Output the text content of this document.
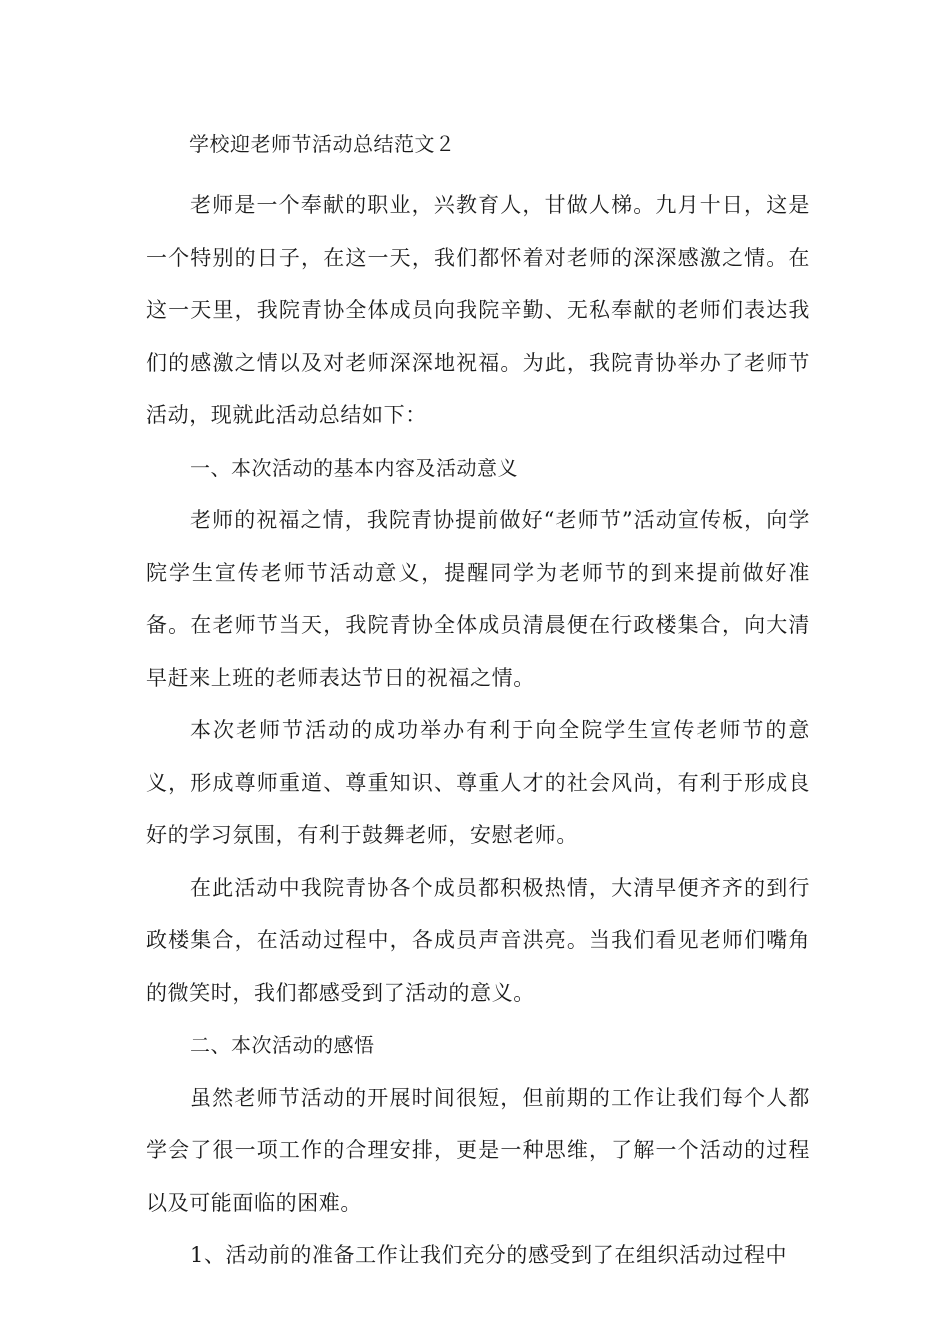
学校迎老师节活动总结范文２

老师是一个奉献的职业，兴教育人，甘做人梯。九月十日，这是一个特别的日子，在这一天，我们都怀着对老师的深深感激之情。在这一天里，我院青协全体成员向我院辛勤、无私奉献的老师们表达我们的感激之情以及对老师深深地祝福。为此，我院青协举办了老师节活动，现就此活动总结如下：

一、本次活动的基本内容及活动意义

老师的祝福之情，我院青协提前做好“老师节”活动宣传板，向学院学生宣传老师节活动意义，提醒同学为老师节的到来提前做好准备。在老师节当天，我院青协全体成员清晨便在行政楼集合，向大清早赶来上班的老师表达节日的祝福之情。

本次老师节活动的成功举办有利于向全院学生宣传老师节的意义，形成尊师重道、尊重知识、尊重人才的社会风尚，有利于形成良好的学习氛围，有利于鼓舞老师，安慰老师。

在此活动中我院青协各个成员都积极热情，大清早便齐齐的到行政楼集合，在活动过程中，各成员声音洪亮。当我们看见老师们嘴角的微笑时，我们都感受到了活动的意义。

二、本次活动的感悟

虽然老师节活动的开展时间很短，但前期的工作让我们每个人都学会了很一项工作的合理安排，更是一种思维，了解一个活动的过程以及可能面临的困难。

1、活动前的准备工作让我们充分的感受到了在组织活动过程中
